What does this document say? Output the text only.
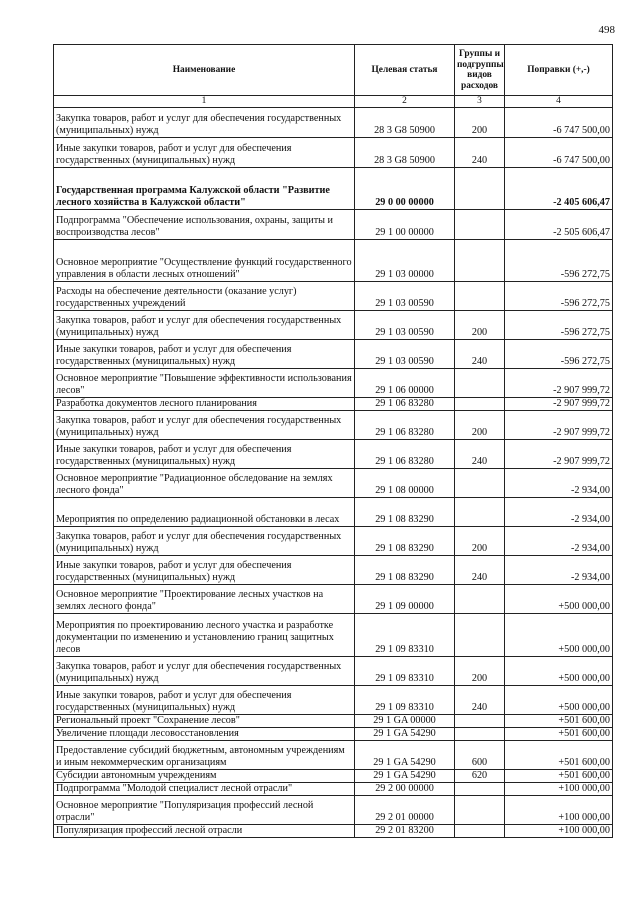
498
Наименование	Целевая статья	Группы и подгруппы видов расходов	Поправки (+,-)
1	2	3	4
Закупка товаров, работ и услуг для обеспечения государственных (муниципальных) нужд	28 3 G8 50900	200	-6 747 500,00
Иные закупки товаров, работ и услуг для обеспечения государственных (муниципальных) нужд	28 3 G8 50900	240	-6 747 500,00
Государственная программа Калужской области "Развитие лесного хозяйства в Калужской области"	29 0 00 00000		-2 405 606,47
Подпрограмма "Обеспечение использования, охраны, защиты и воспроизводства лесов"	29 1 00 00000		-2 505 606,47
Основное мероприятие "Осуществление функций государственного управления в области лесных отношений"	29 1 03 00000		-596 272,75
Расходы на обеспечение деятельности (оказание услуг) государственных учреждений	29 1 03 00590		-596 272,75
Закупка товаров, работ и услуг для обеспечения государственных (муниципальных) нужд	29 1 03 00590	200	-596 272,75
Иные закупки товаров, работ и услуг для обеспечения государственных (муниципальных) нужд	29 1 03 00590	240	-596 272,75
Основное мероприятие "Повышение эффективности использования лесов"	29 1 06 00000		-2 907 999,72
Разработка документов лесного планирования	29 1 06 83280		-2 907 999,72
Закупка товаров, работ и услуг для обеспечения государственных (муниципальных) нужд	29 1 06 83280	200	-2 907 999,72
Иные закупки товаров, работ и услуг для обеспечения государственных (муниципальных) нужд	29 1 06 83280	240	-2 907 999,72
Основное мероприятие "Радиационное обследование на землях лесного фонда"	29 1 08 00000		-2 934,00
Мероприятия по определению радиационной обстановки в лесах	29 1 08 83290		-2 934,00
Закупка товаров, работ и услуг для обеспечения государственных (муниципальных) нужд	29 1 08 83290	200	-2 934,00
Иные закупки товаров, работ и услуг для обеспечения государственных (муниципальных) нужд	29 1 08 83290	240	-2 934,00
Основное мероприятие "Проектирование лесных участков на землях лесного фонда"	29 1 09 00000		+500 000,00
Мероприятия по проектированию лесного участка и разработке документации по изменению и установлению границ защитных лесов	29 1 09 83310		+500 000,00
Закупка товаров, работ и услуг для обеспечения государственных (муниципальных) нужд	29 1 09 83310	200	+500 000,00
Иные закупки товаров, работ и услуг для обеспечения государственных (муниципальных) нужд	29 1 09 83310	240	+500 000,00
Региональный проект "Сохранение лесов"	29 1 GA 00000		+501 600,00
Увеличение площади лесовосстановления	29 1 GA 54290		+501 600,00
Предоставление субсидий бюджетным, автономным учреждениям и иным некоммерческим организациям	29 1 GA 54290	600	+501 600,00
Субсидии автономным учреждениям	29 1 GA 54290	620	+501 600,00
Подпрограмма "Молодой специалист лесной отрасли"	29 2 00 00000		+100 000,00
Основное мероприятие "Популяризация профессий лесной отрасли"	29 2 01 00000		+100 000,00
Популяризация профессий лесной отрасли	29 2 01 83200		+100 000,00
